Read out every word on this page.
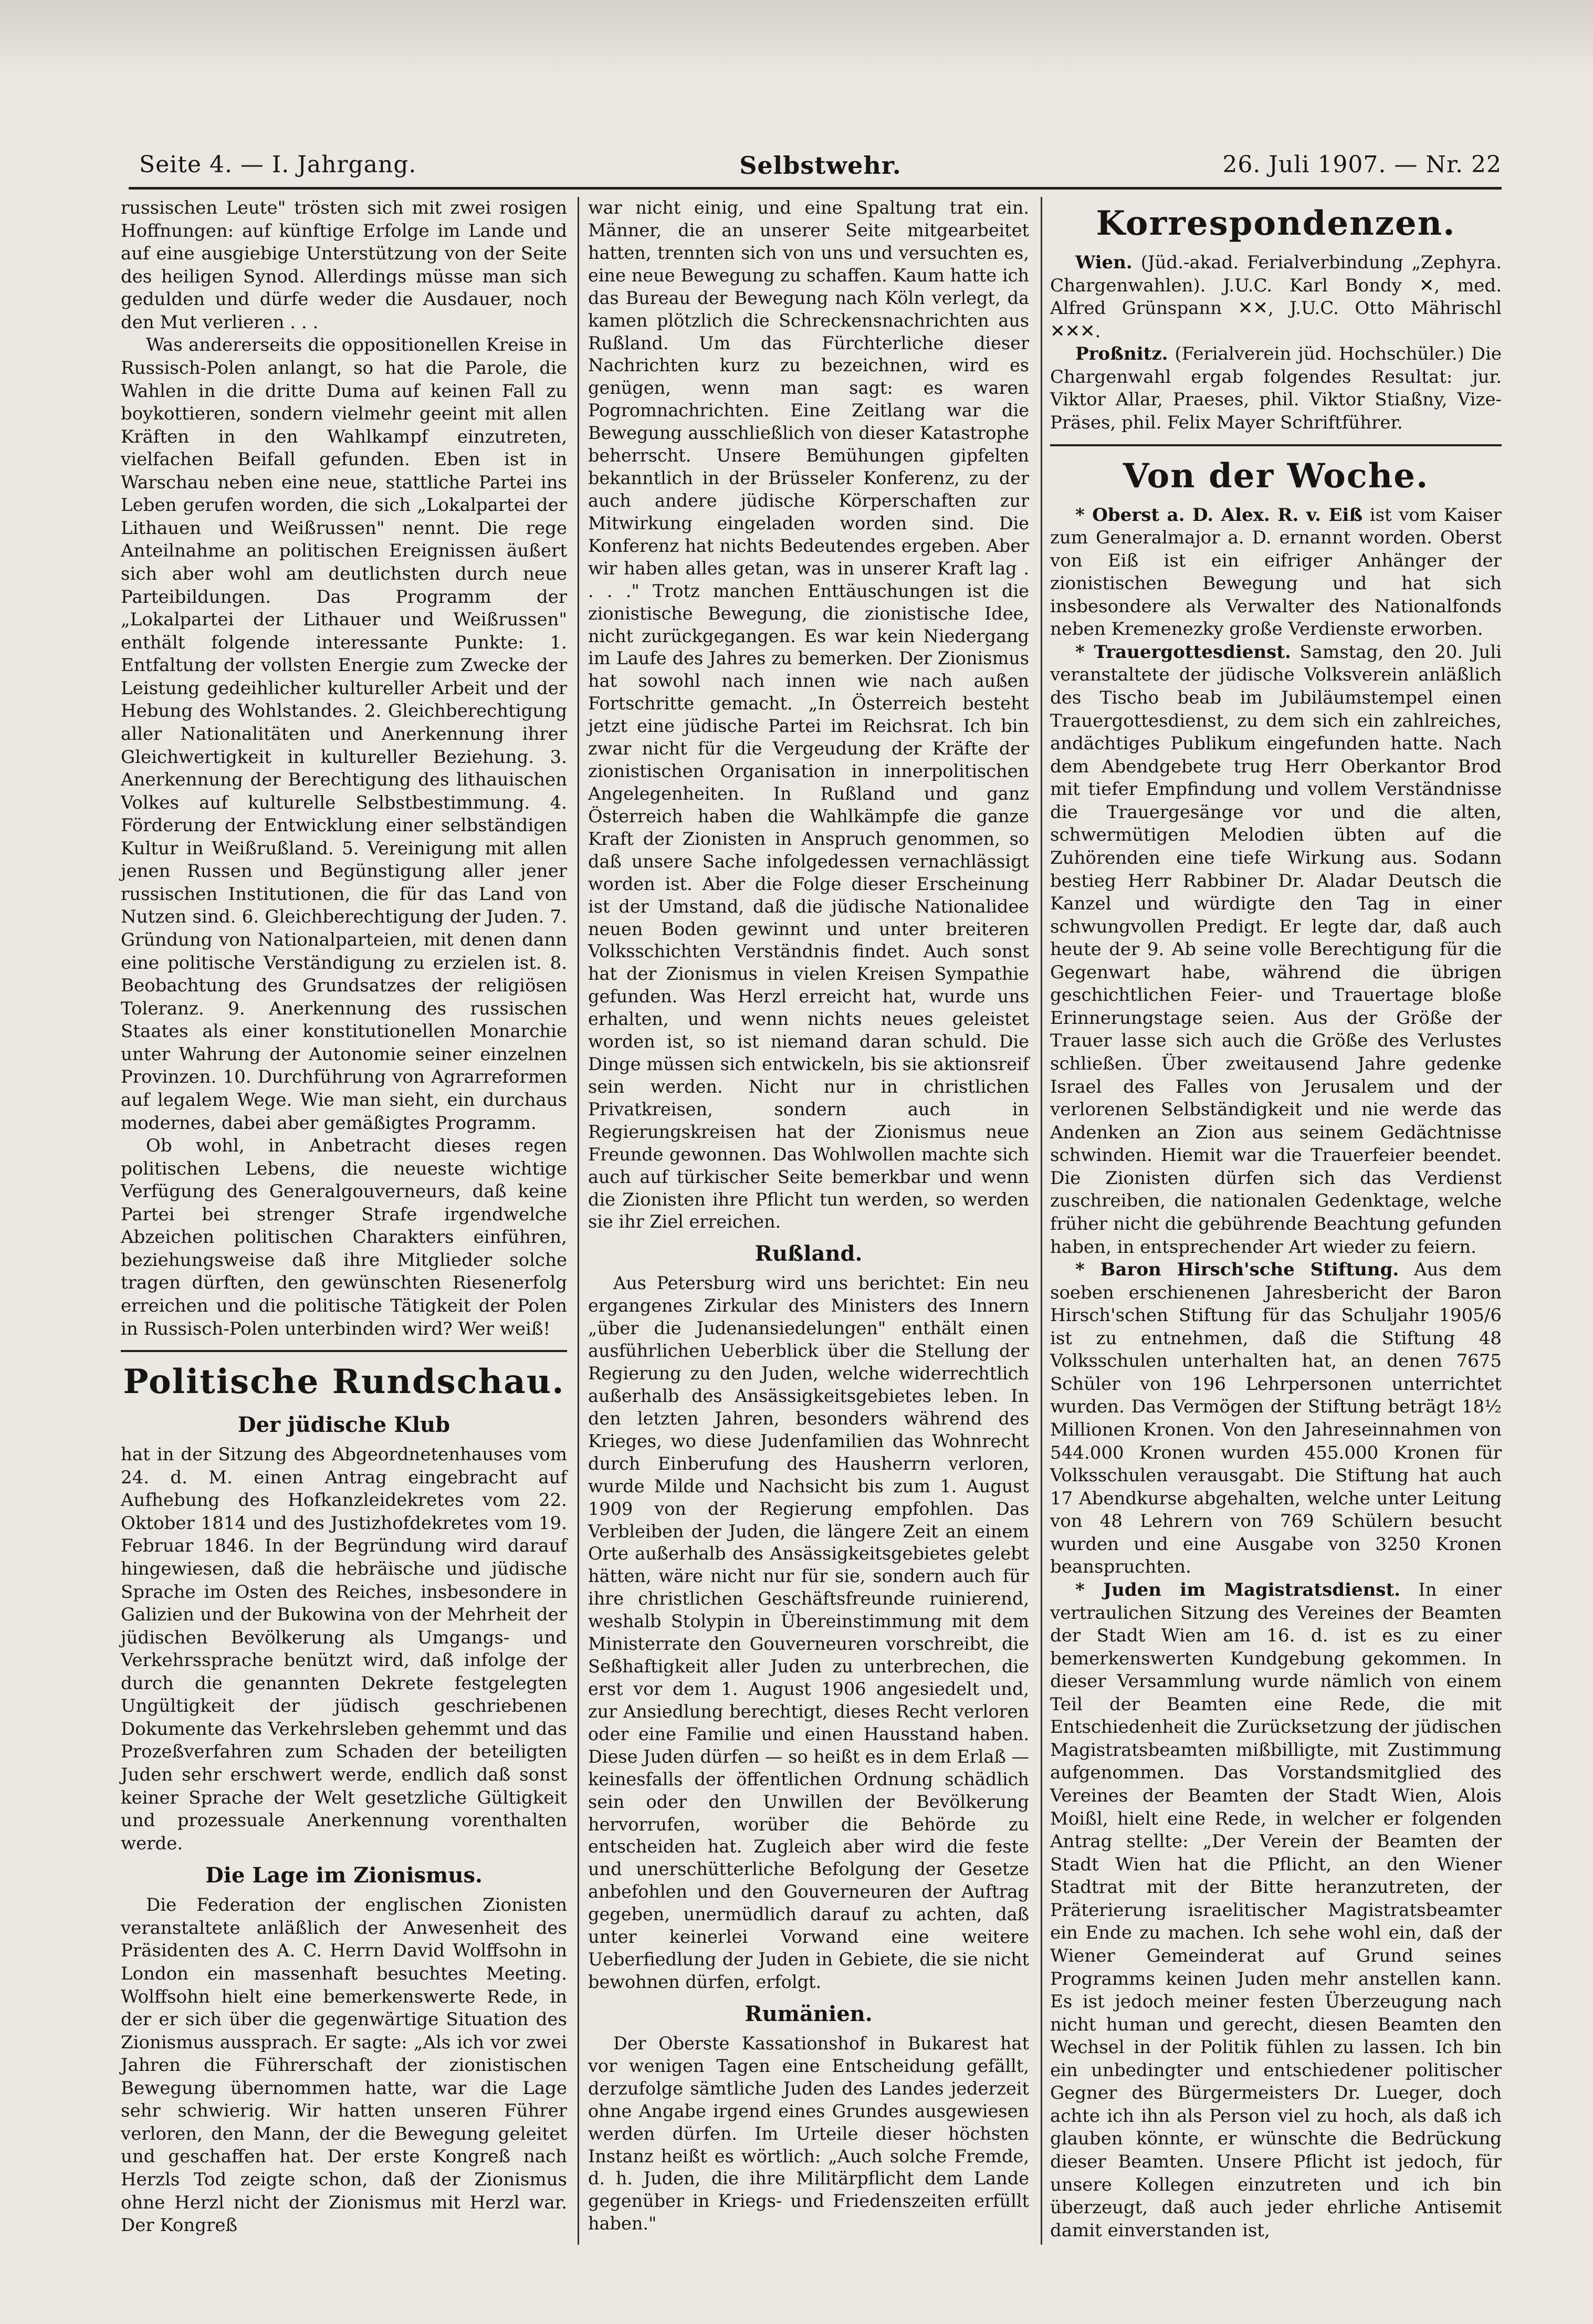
Seite 4. — I. Jahrgang.	Selbstwehr.	26. Juli 1907. — Nr. 22

russischen Leute" trösten sich mit zwei rosigen Hoffnungen: auf künftige Erfolge im Lande und auf eine ausgiebige Unterstützung von der Seite des heiligen Synod. Allerdings müsse man sich gedulden und dürfe weder die Ausdauer, noch den Mut verlieren . . .

Was andererseits die oppositionellen Kreise in Russisch-Polen anlangt, so hat die Parole, die Wahlen in die dritte Duma auf keinen Fall zu boykottieren, sondern vielmehr geeint mit allen Kräften in den Wahlkampf einzutreten, vielfachen Beifall gefunden. Eben ist in Warschau neben eine neue, stattliche Partei ins Leben gerufen worden, die sich „Lokalpartei der Lithauen und Weißrussen" nennt. Die rege Anteilnahme an politischen Ereignissen äußert sich aber wohl am deutlichsten durch neue Parteibildungen. Das Programm der „Lokalpartei der Lithauer und Weißrussen" enthält folgende interessante Punkte: 1. Entfaltung der vollsten Energie zum Zwecke der Leistung gedeihlicher kultureller Arbeit und der Hebung des Wohlstandes. 2. Gleichberechtigung aller Nationalitäten und Anerkennung ihrer Gleichwertigkeit in kultureller Beziehung. 3. Anerkennung der Berechtigung des lithauischen Volkes auf kulturelle Selbstbestimmung. 4. Förderung der Entwicklung einer selbständigen Kultur in Weißrußland. 5. Vereinigung mit allen jenen Russen und Begünstigung aller jener russischen Institutionen, die für das Land von Nutzen sind. 6. Gleichberechtigung der Juden. 7. Gründung von Nationalparteien, mit denen dann eine politische Verständigung zu erzielen ist. 8. Beobachtung des Grundsatzes der religiösen Toleranz. 9. Anerkennung des russischen Staates als einer konstitutionellen Monarchie unter Wahrung der Autonomie seiner einzelnen Provinzen. 10. Durchführung von Agrarreformen auf legalem Wege. Wie man sieht, ein durchaus modernes, dabei aber gemäßigtes Programm.

Ob wohl, in Anbetracht dieses regen politischen Lebens, die neueste wichtige Verfügung des Generalgouverneurs, daß keine Partei bei strenger Strafe irgendwelche Abzeichen politischen Charakters einführen, beziehungsweise daß ihre Mitglieder solche tragen dürften, den gewünschten Riesenerfolg erreichen und die politische Tätigkeit der Polen in Russisch-Polen unterbinden wird? Wer weiß!

Politische Rundschau.
Der jüdische Klub

hat in der Sitzung des Abgeordnetenhauses vom 24. d. M. einen Antrag eingebracht auf Aufhebung des Hofkanzleidekretes vom 22. Oktober 1814 und des Justizhofdekretes vom 19. Februar 1846. In der Begründung wird darauf hingewiesen, daß die hebräische und jüdische Sprache im Osten des Reiches, insbesondere in Galizien und der Bukowina von der Mehrheit der jüdischen Bevölkerung als Umgangs- und Verkehrssprache benützt wird, daß infolge der durch die genannten Dekrete festgelegten Ungültigkeit der jüdisch geschriebenen Dokumente das Verkehrsleben gehemmt und das Prozeßverfahren zum Schaden der beteiligten Juden sehr erschwert werde, endlich daß sonst keiner Sprache der Welt gesetzliche Gültigkeit und prozessuale Anerkennung vorenthalten werde.

Die Lage im Zionismus.

Die Federation der englischen Zionisten veranstaltete anläßlich der Anwesenheit des Präsidenten des A. C. Herrn David Wolffsohn in London ein massenhaft besuchtes Meeting. Wolffsohn hielt eine bemerkenswerte Rede, in der er sich über die gegenwärtige Situation des Zionismus aussprach. Er sagte: „Als ich vor zwei Jahren die Führerschaft der zionistischen Bewegung übernommen hatte, war die Lage sehr schwierig. Wir hatten unseren Führer verloren, den Mann, der die Bewegung geleitet und geschaffen hat. Der erste Kongreß nach Herzls Tod zeigte schon, daß der Zionismus ohne Herzl nicht der Zionismus mit Herzl war. Der Kongreß

war nicht einig, und eine Spaltung trat ein. Männer, die an unserer Seite mitgearbeitet hatten, trennten sich von uns und versuchten es, eine neue Bewegung zu schaffen. Kaum hatte ich das Bureau der Bewegung nach Köln verlegt, da kamen plötzlich die Schreckensnachrichten aus Rußland. Um das Fürchterliche dieser Nachrichten kurz zu bezeichnen, wird es genügen, wenn man sagt: es waren Pogromnachrichten. Eine Zeitlang war die Bewegung ausschließlich von dieser Katastrophe beherrscht. Unsere Bemühungen gipfelten bekanntlich in der Brüsseler Konferenz, zu der auch andere jüdische Körperschaften zur Mitwirkung eingeladen worden sind. Die Konferenz hat nichts Bedeutendes ergeben. Aber wir haben alles getan, was in unserer Kraft lag . . . ." Trotz manchen Enttäuschungen ist die zionistische Bewegung, die zionistische Idee, nicht zurückgegangen. Es war kein Niedergang im Laufe des Jahres zu bemerken. Der Zionismus hat sowohl nach innen wie nach außen Fortschritte gemacht. „In Österreich besteht jetzt eine jüdische Partei im Reichsrat. Ich bin zwar nicht für die Vergeudung der Kräfte der zionistischen Organisation in innerpolitischen Angelegenheiten. In Rußland und ganz Österreich haben die Wahlkämpfe die ganze Kraft der Zionisten in Anspruch genommen, so daß unsere Sache infolgedessen vernachlässigt worden ist. Aber die Folge dieser Erscheinung ist der Umstand, daß die jüdische Nationalidee neuen Boden gewinnt und unter breiteren Volksschichten Verständnis findet. Auch sonst hat der Zionismus in vielen Kreisen Sympathie gefunden. Was Herzl erreicht hat, wurde uns erhalten, und wenn nichts neues geleistet worden ist, so ist niemand daran schuld. Die Dinge müssen sich entwickeln, bis sie aktionsreif sein werden. Nicht nur in christlichen Privatkreisen, sondern auch in Regierungskreisen hat der Zionismus neue Freunde gewonnen. Das Wohlwollen machte sich auch auf türkischer Seite bemerkbar und wenn die Zionisten ihre Pflicht tun werden, so werden sie ihr Ziel erreichen.

Rußland.

Aus Petersburg wird uns berichtet: Ein neu ergangenes Zirkular des Ministers des Innern „über die Judenansiedelungen" enthält einen ausführlichen Ueberblick über die Stellung der Regierung zu den Juden, welche widerrechtlich außerhalb des Ansässigkeitsgebietes leben. In den letzten Jahren, besonders während des Krieges, wo diese Judenfamilien das Wohnrecht durch Einberufung des Hausherrn verloren, wurde Milde und Nachsicht bis zum 1. August 1909 von der Regierung empfohlen. Das Verbleiben der Juden, die längere Zeit an einem Orte außerhalb des Ansässigkeitsgebietes gelebt hätten, wäre nicht nur für sie, sondern auch für ihre christlichen Geschäftsfreunde ruinierend, weshalb Stolypin in Übereinstimmung mit dem Ministerrate den Gouverneuren vorschreibt, die Seßhaftigkeit aller Juden zu unterbrechen, die erst vor dem 1. August 1906 angesiedelt und, zur Ansiedlung berechtigt, dieses Recht verloren oder eine Familie und einen Hausstand haben. Diese Juden dürfen — so heißt es in dem Erlaß — keinesfalls der öffentlichen Ordnung schädlich sein oder den Unwillen der Bevölkerung hervorrufen, worüber die Behörde zu entscheiden hat. Zugleich aber wird die feste und unerschütterliche Befolgung der Gesetze anbefohlen und den Gouverneuren der Auftrag gegeben, unermüdlich darauf zu achten, daß unter keinerlei Vorwand eine weitere Ueberfiedlung der Juden in Gebiete, die sie nicht bewohnen dürfen, erfolgt.

Rumänien.

Der Oberste Kassationshof in Bukarest hat vor wenigen Tagen eine Entscheidung gefällt, derzufolge sämtliche Juden des Landes jederzeit ohne Angabe irgend eines Grundes ausgewiesen werden dürfen. Im Urteile dieser höchsten Instanz heißt es wörtlich: „Auch solche Fremde, d. h. Juden, die ihre Militärpflicht dem Lande gegenüber in Kriegs- und Friedenszeiten erfüllt haben."

Korrespondenzen.

Wien. (Jüd.-akad. Ferialverbindung „Zephyra. Chargenwahlen). J.U.C. Karl Bondy ✕, med. Alfred Grünspann ✕✕, J.U.C. Otto Mährischl ✕✕✕.

Proßnitz. (Ferialverein jüd. Hochschüler.) Die Chargenwahl ergab folgendes Resultat: jur. Viktor Allar, Praeses, phil. Viktor Stiaßny, Vize-Präses, phil. Felix Mayer Schriftführer.

Von der Woche.

* Oberst a. D. Alex. R. v. Eiß ist vom Kaiser zum Generalmajor a. D. ernannt worden. Oberst von Eiß ist ein eifriger Anhänger der zionistischen Bewegung und hat sich insbesondere als Verwalter des Nationalfonds neben Kremenezky große Verdienste erworben.

* Trauergottesdienst. Samstag, den 20. Juli veranstaltete der jüdische Volksverein anläßlich des Tischo beab im Jubiläumstempel einen Trauergottesdienst, zu dem sich ein zahlreiches, andächtiges Publikum eingefunden hatte. Nach dem Abendgebete trug Herr Oberkantor Brod mit tiefer Empfindung und vollem Verständnisse die Trauergesänge vor und die alten, schwermütigen Melodien übten auf die Zuhörenden eine tiefe Wirkung aus. Sodann bestieg Herr Rabbiner Dr. Aladar Deutsch die Kanzel und würdigte den Tag in einer schwungvollen Predigt. Er legte dar, daß auch heute der 9. Ab seine volle Berechtigung für die Gegenwart habe, während die übrigen geschichtlichen Feier- und Trauertage bloße Erinnerungstage seien. Aus der Größe der Trauer lasse sich auch die Größe des Verlustes schließen. Über zweitausend Jahre gedenke Israel des Falles von Jerusalem und der verlorenen Selbständigkeit und nie werde das Andenken an Zion aus seinem Gedächtnisse schwinden. Hiemit war die Trauerfeier beendet. Die Zionisten dürfen sich das Verdienst zuschreiben, die nationalen Gedenktage, welche früher nicht die gebührende Beachtung gefunden haben, in entsprechender Art wieder zu feiern.

* Baron Hirsch'sche Stiftung. Aus dem soeben erschienenen Jahresbericht der Baron Hirsch'schen Stiftung für das Schuljahr 1905/6 ist zu entnehmen, daß die Stiftung 48 Volksschulen unterhalten hat, an denen 7675 Schüler von 196 Lehrpersonen unterrichtet wurden. Das Vermögen der Stiftung beträgt 18½ Millionen Kronen. Von den Jahreseinnahmen von 544.000 Kronen wurden 455.000 Kronen für Volksschulen verausgabt. Die Stiftung hat auch 17 Abendkurse abgehalten, welche unter Leitung von 48 Lehrern von 769 Schülern besucht wurden und eine Ausgabe von 3250 Kronen beanspruchten.

* Juden im Magistratsdienst. In einer vertraulichen Sitzung des Vereines der Beamten der Stadt Wien am 16. d. ist es zu einer bemerkenswerten Kundgebung gekommen. In dieser Versammlung wurde nämlich von einem Teil der Beamten eine Rede, die mit Entschiedenheit die Zurücksetzung der jüdischen Magistratsbeamten mißbilligte, mit Zustimmung aufgenommen. Das Vorstandsmitglied des Vereines der Beamten der Stadt Wien, Alois Moißl, hielt eine Rede, in welcher er folgenden Antrag stellte: „Der Verein der Beamten der Stadt Wien hat die Pflicht, an den Wiener Stadtrat mit der Bitte heranzutreten, der Präterierung israelitischer Magistratsbeamter ein Ende zu machen. Ich sehe wohl ein, daß der Wiener Gemeinderat auf Grund seines Programms keinen Juden mehr anstellen kann. Es ist jedoch meiner festen Überzeugung nach nicht human und gerecht, diesen Beamten den Wechsel in der Politik fühlen zu lassen. Ich bin ein unbedingter und entschiedener politischer Gegner des Bürgermeisters Dr. Lueger, doch achte ich ihn als Person viel zu hoch, als daß ich glauben könnte, er wünschte die Bedrückung dieser Beamten. Unsere Pflicht ist jedoch, für unsere Kollegen einzutreten und ich bin überzeugt, daß auch jeder ehrliche Antisemit damit einverstanden ist,
